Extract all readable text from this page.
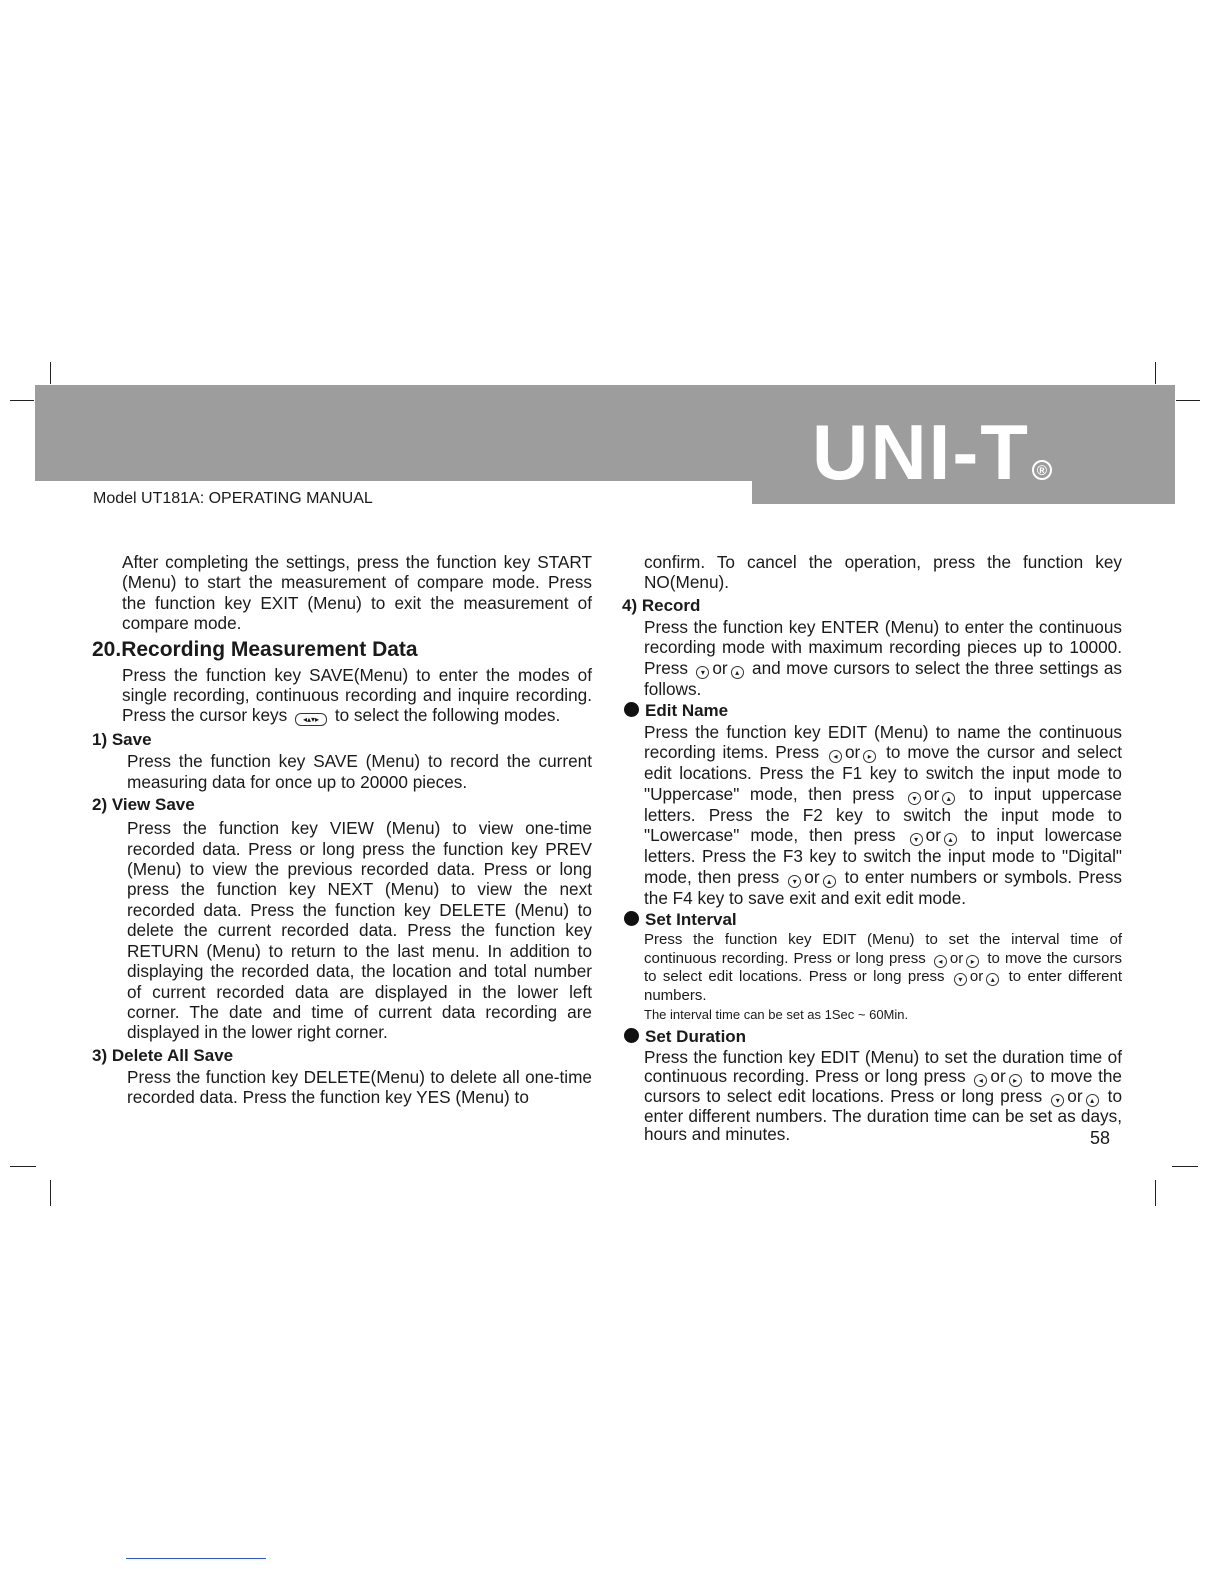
UNI-T ®
Model UT181A: OPERATING MANUAL

After completing the settings, press the function key START (Menu) to start the measurement of compare mode. Press the function key EXIT (Menu) to exit the measurement of compare mode.

20.Recording Measurement Data

Press the function key SAVE(Menu) to enter the modes of single recording, continuous recording and inquire recording. Press the cursor keys ◂▴▾▸ to select the following modes.

1) Save

Press the function key SAVE (Menu) to record the current measuring data for once up to 20000 pieces.

2) View Save

Press the function key VIEW (Menu) to view one-time recorded data. Press or long press the function key PREV (Menu) to view the previous recorded data. Press or long press the function key NEXT (Menu) to view the next recorded data. Press the function key DELETE (Menu) to delete the current recorded data. Press the function key RETURN (Menu) to return to the last menu. In addition to displaying the recorded data, the location and total number of current recorded data are displayed in the lower left corner. The date and time of current data recording are displayed in the lower right corner.

3) Delete All Save

Press the function key DELETE(Menu) to delete all one-time recorded data. Press the function key YES (Menu) to

confirm. To cancel the operation, press the function key NO(Menu).

4) Record

Press the function key ENTER (Menu) to enter the continuous recording mode with maximum recording pieces up to 10000. Press ▾ or ▴ and move cursors to select the three settings as follows.

Edit Name

Press the function key EDIT (Menu) to name the continuous recording items. Press ◂ or ▸ to move the cursor and select edit locations. Press the F1 key to switch the input mode to "Uppercase" mode, then press ▾ or ▴ to input uppercase letters. Press the F2 key to switch the input mode to "Lowercase" mode, then press ▾ or ▴ to input lowercase letters. Press the F3 key to switch the input mode to "Digital" mode, then press ▾ or ▴ to enter numbers or symbols. Press the F4 key to save exit and exit edit mode.

Set Interval

Press the function key EDIT (Menu) to set the interval time of continuous recording. Press or long press ◂ or ▸ to move the cursors to select edit locations. Press or long press ▾ or ▴ to enter different numbers.

The interval time can be set as 1Sec ~ 60Min.

Set Duration

Press the function key EDIT (Menu) to set the duration time of continuous recording. Press or long press ◂ or ▸ to move the cursors to select edit locations. Press or long press ▾ or ▴ to enter different numbers. The duration time can be set as days, hours and minutes.	58
